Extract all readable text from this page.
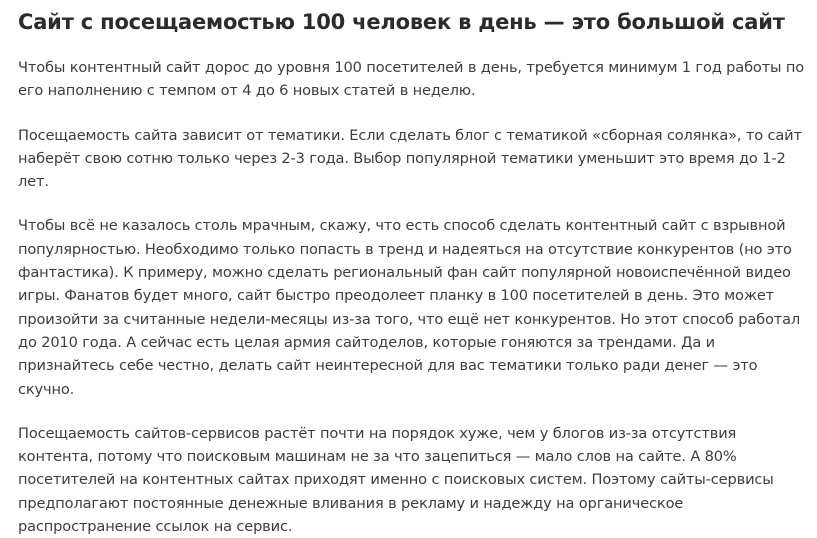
Сайт с посещаемостью 100 человек в день — это большой сайт

Чтобы контентный сайт дорос до уровня 100 посетителей в день, требуется минимум 1 год работы по его наполнению с темпом от 4 до 6 новых статей в неделю.

Посещаемость сайта зависит от тематики. Если сделать блог с тематикой «сборная солянка», то сайт наберёт свою сотню только через 2-3 года. Выбор популярной тематики уменьшит это время до 1-2 лет.

Чтобы всё не казалось столь мрачным, скажу, что есть способ сделать контентный сайт с взрывной популярностью. Необходимо только попасть в тренд и надеяться на отсутствие конкурентов (но это фантастика). К примеру, можно сделать региональный фан сайт популярной новоиспечённой видео игры. Фанатов будет много, сайт быстро преодолеет планку в 100 посетителей в день. Это может произойти за считанные недели-месяцы из-за того, что ещё нет конкурентов. Но этот способ работал до 2010 года. А сейчас есть целая армия сайтоделов, которые гоняются за трендами. Да и признайтесь себе честно, делать сайт неинтересной для вас тематики только ради денег — это скучно.

Посещаемость сайтов-сервисов растёт почти на порядок хуже, чем у блогов из-за отсутствия контента, потому что поисковым машинам не за что зацепиться — мало слов на сайте. А 80% посетителей на контентных сайтах приходят именно с поисковых систем. Поэтому сайты-сервисы предполагают постоянные денежные вливания в рекламу и надежду на органическое распространение ссылок на сервис.
